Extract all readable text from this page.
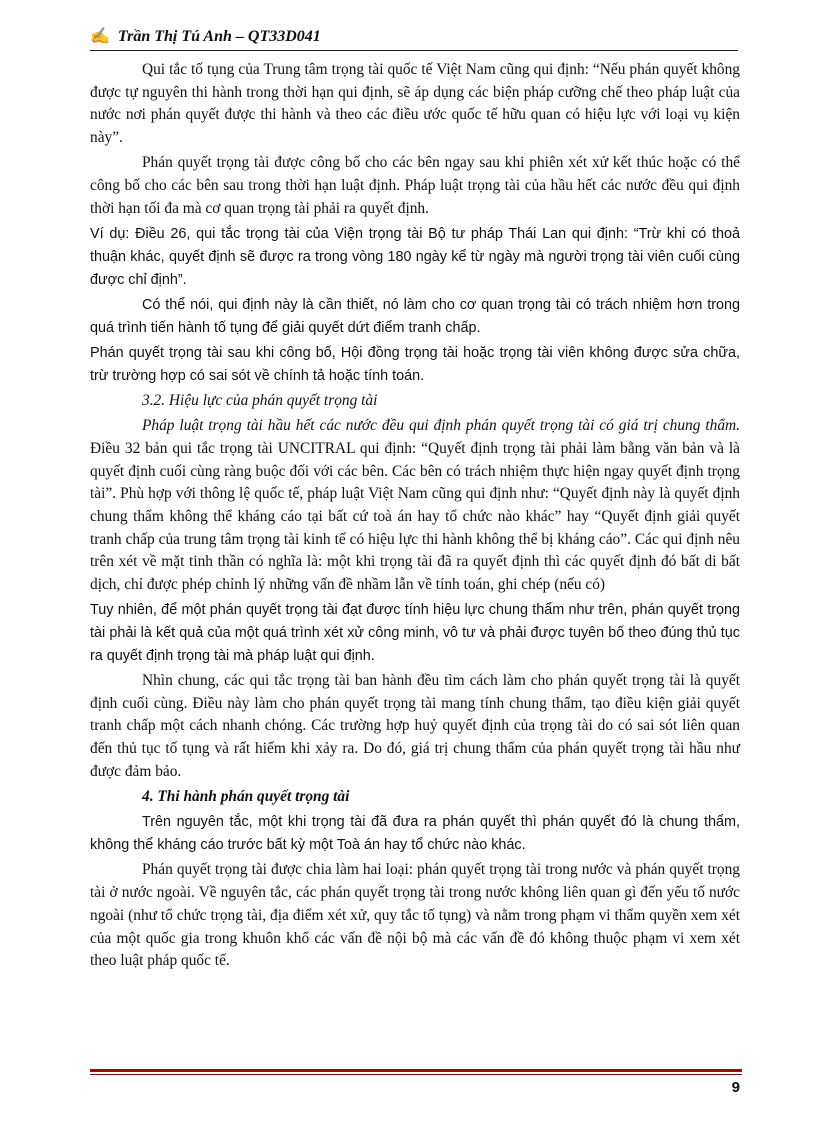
✍ Trần Thị Tú Anh – QT33D041

Qui tắc tố tụng của Trung tâm trọng tài quốc tế Việt Nam cũng qui định: “Nếu phán quyết không được tự nguyên thi hành trong thời hạn qui định, sẽ áp dụng các biện pháp cưỡng chế theo pháp luật của nước nơi phán quyết được thi hành và theo các điều ước quốc tế hữu quan có hiệu lực với loại vụ kiện này”.

Phán quyết trọng tài được công bố cho các bên ngay sau khi phiên xét xử kết thúc hoặc có thể công bố cho các bên sau trong thời hạn luật định. Pháp luật trọng tài của hầu hết các nước đều qui định thời hạn tối đa mà cơ quan trọng tài phải ra quyết định.

Ví dụ: Điều 26, qui tắc trọng tài của Viện trọng tài Bộ tư pháp Thái Lan qui định: “Trừ khi có thoả thuận khác, quyết định sẽ được ra trong vòng 180 ngày kể từ ngày mà người trọng tài viên cuối cùng được chỉ định”.

Có thể nói, qui định này là cần thiết, nó làm cho cơ quan trọng tài có trách nhiệm hơn trong quá trình tiến hành tố tụng để giải quyết dứt điểm tranh chấp.

Phán quyết trọng tài sau khi công bố, Hội đồng trọng tài hoặc trọng tài viên không được sửa chữa, trừ trường hợp có sai sót về chính tả hoặc tính toán.

3.2. Hiệu lực của phán quyết trọng tài

Pháp luật trọng tài hầu hết các nước đều qui định phán quyết trọng tài có giá trị chung thẩm. Điều 32 bản qui tắc trọng tài UNCITRAL qui định: “Quyết định trọng tài phải làm bằng văn bản và là quyết định cuối cùng ràng buộc đối với các bên. Các bên có trách nhiệm thực hiện ngay quyết định trọng tài”. Phù hợp với thông lệ quốc tế, pháp luật Việt Nam cũng qui định như: “Quyết định này là quyết định chung thẩm không thể kháng cáo tại bất cứ toà án hay tổ chức nào khác” hay “Quyết định giải quyết tranh chấp của trung tâm trọng tài kinh tế có hiệu lực thi hành không thể bị kháng cáo”. Các qui định nêu trên xét về mặt tinh thần có nghĩa là: một khi trọng tài đã ra quyết định thì các quyết định đó bất di bất dịch, chỉ được phép chỉnh lý những vấn đề nhầm lẫn về tính toán, ghi chép (nếu có)

Tuy nhiên, để một phán quyết trọng tài đạt được tính hiệu lực chung thẩm như trên, phán quyết trọng tài phải là kết quả của một quá trình xét xử công minh, vô tư và phải được tuyên bố theo đúng thủ tục ra quyết định trọng tài mà pháp luật qui định.

Nhìn chung, các qui tắc trọng tài ban hành đều tìm cách làm cho phán quyết trọng tài là quyết định cuối cùng. Điều này làm cho phán quyết trọng tài mang tính chung thẩm, tạo điều kiện giải quyết tranh chấp một cách nhanh chóng. Các trường hợp huỷ quyết định của trọng tài do có sai sót liên quan đến thủ tục tố tụng và rất hiếm khi xảy ra. Do đó, giá trị chung thẩm của phán quyết trọng tài hầu như được đảm bảo.

4. Thi hành phán quyết trọng tài

Trên nguyên tắc, một khi trọng tài đã đưa ra phán quyết thì phán quyết đó là chung thẩm, không thể kháng cáo trước bất kỳ một Toà án hay tổ chức nào khác.

Phán quyết trọng tài được chia làm hai loại: phán quyết trọng tài trong nước và phán quyết trọng tài ở nước ngoài. Về nguyên tắc, các phán quyết trọng tài trong nước không liên quan gì đến yếu tố nước ngoài (như tổ chức trọng tài, địa điểm xét xử, quy tắc tố tụng) và nằm trong phạm vi thẩm quyền xem xét của một quốc gia trong khuôn khổ các vấn đề nội bộ mà các vấn đề đó không thuộc phạm vi xem xét theo luật pháp quốc tế.

9
